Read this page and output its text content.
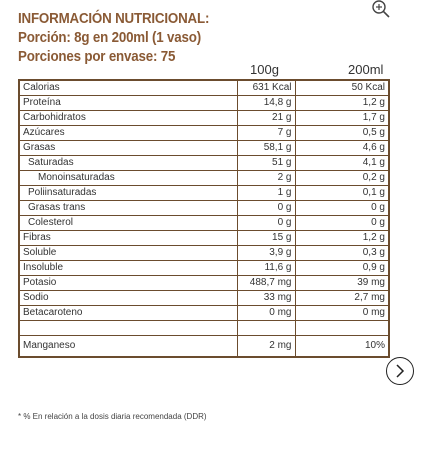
INFORMACIÓN NUTRICIONAL:
Porción: 8g en 200ml (1 vaso)
Porciones por envase: 75
100g	200ml
Calorias	631 Kcal	50 Kcal
Proteína	14,8 g	1,2 g
Carbohidratos	21 g	1,7 g
Azúcares	7 g	0,5 g
Grasas	58,1 g	4,6 g
Saturadas	51 g	4,1 g
Monoinsaturadas	2 g	0,2 g
Poliinsaturadas	1 g	0,1 g
Grasas trans	0 g	0 g
Colesterol	0 g	0 g
Fibras	15 g	1,2 g
Soluble	3,9 g	0,3 g
Insoluble	11,6 g	0,9 g
Potasio	488,7 mg	39 mg
Sodio	33 mg	2,7 mg
Betacaroteno	0 mg	0 mg

Manganeso	2 mg	10%
* % En relación a la dosis diaria recomendada (DDR)
